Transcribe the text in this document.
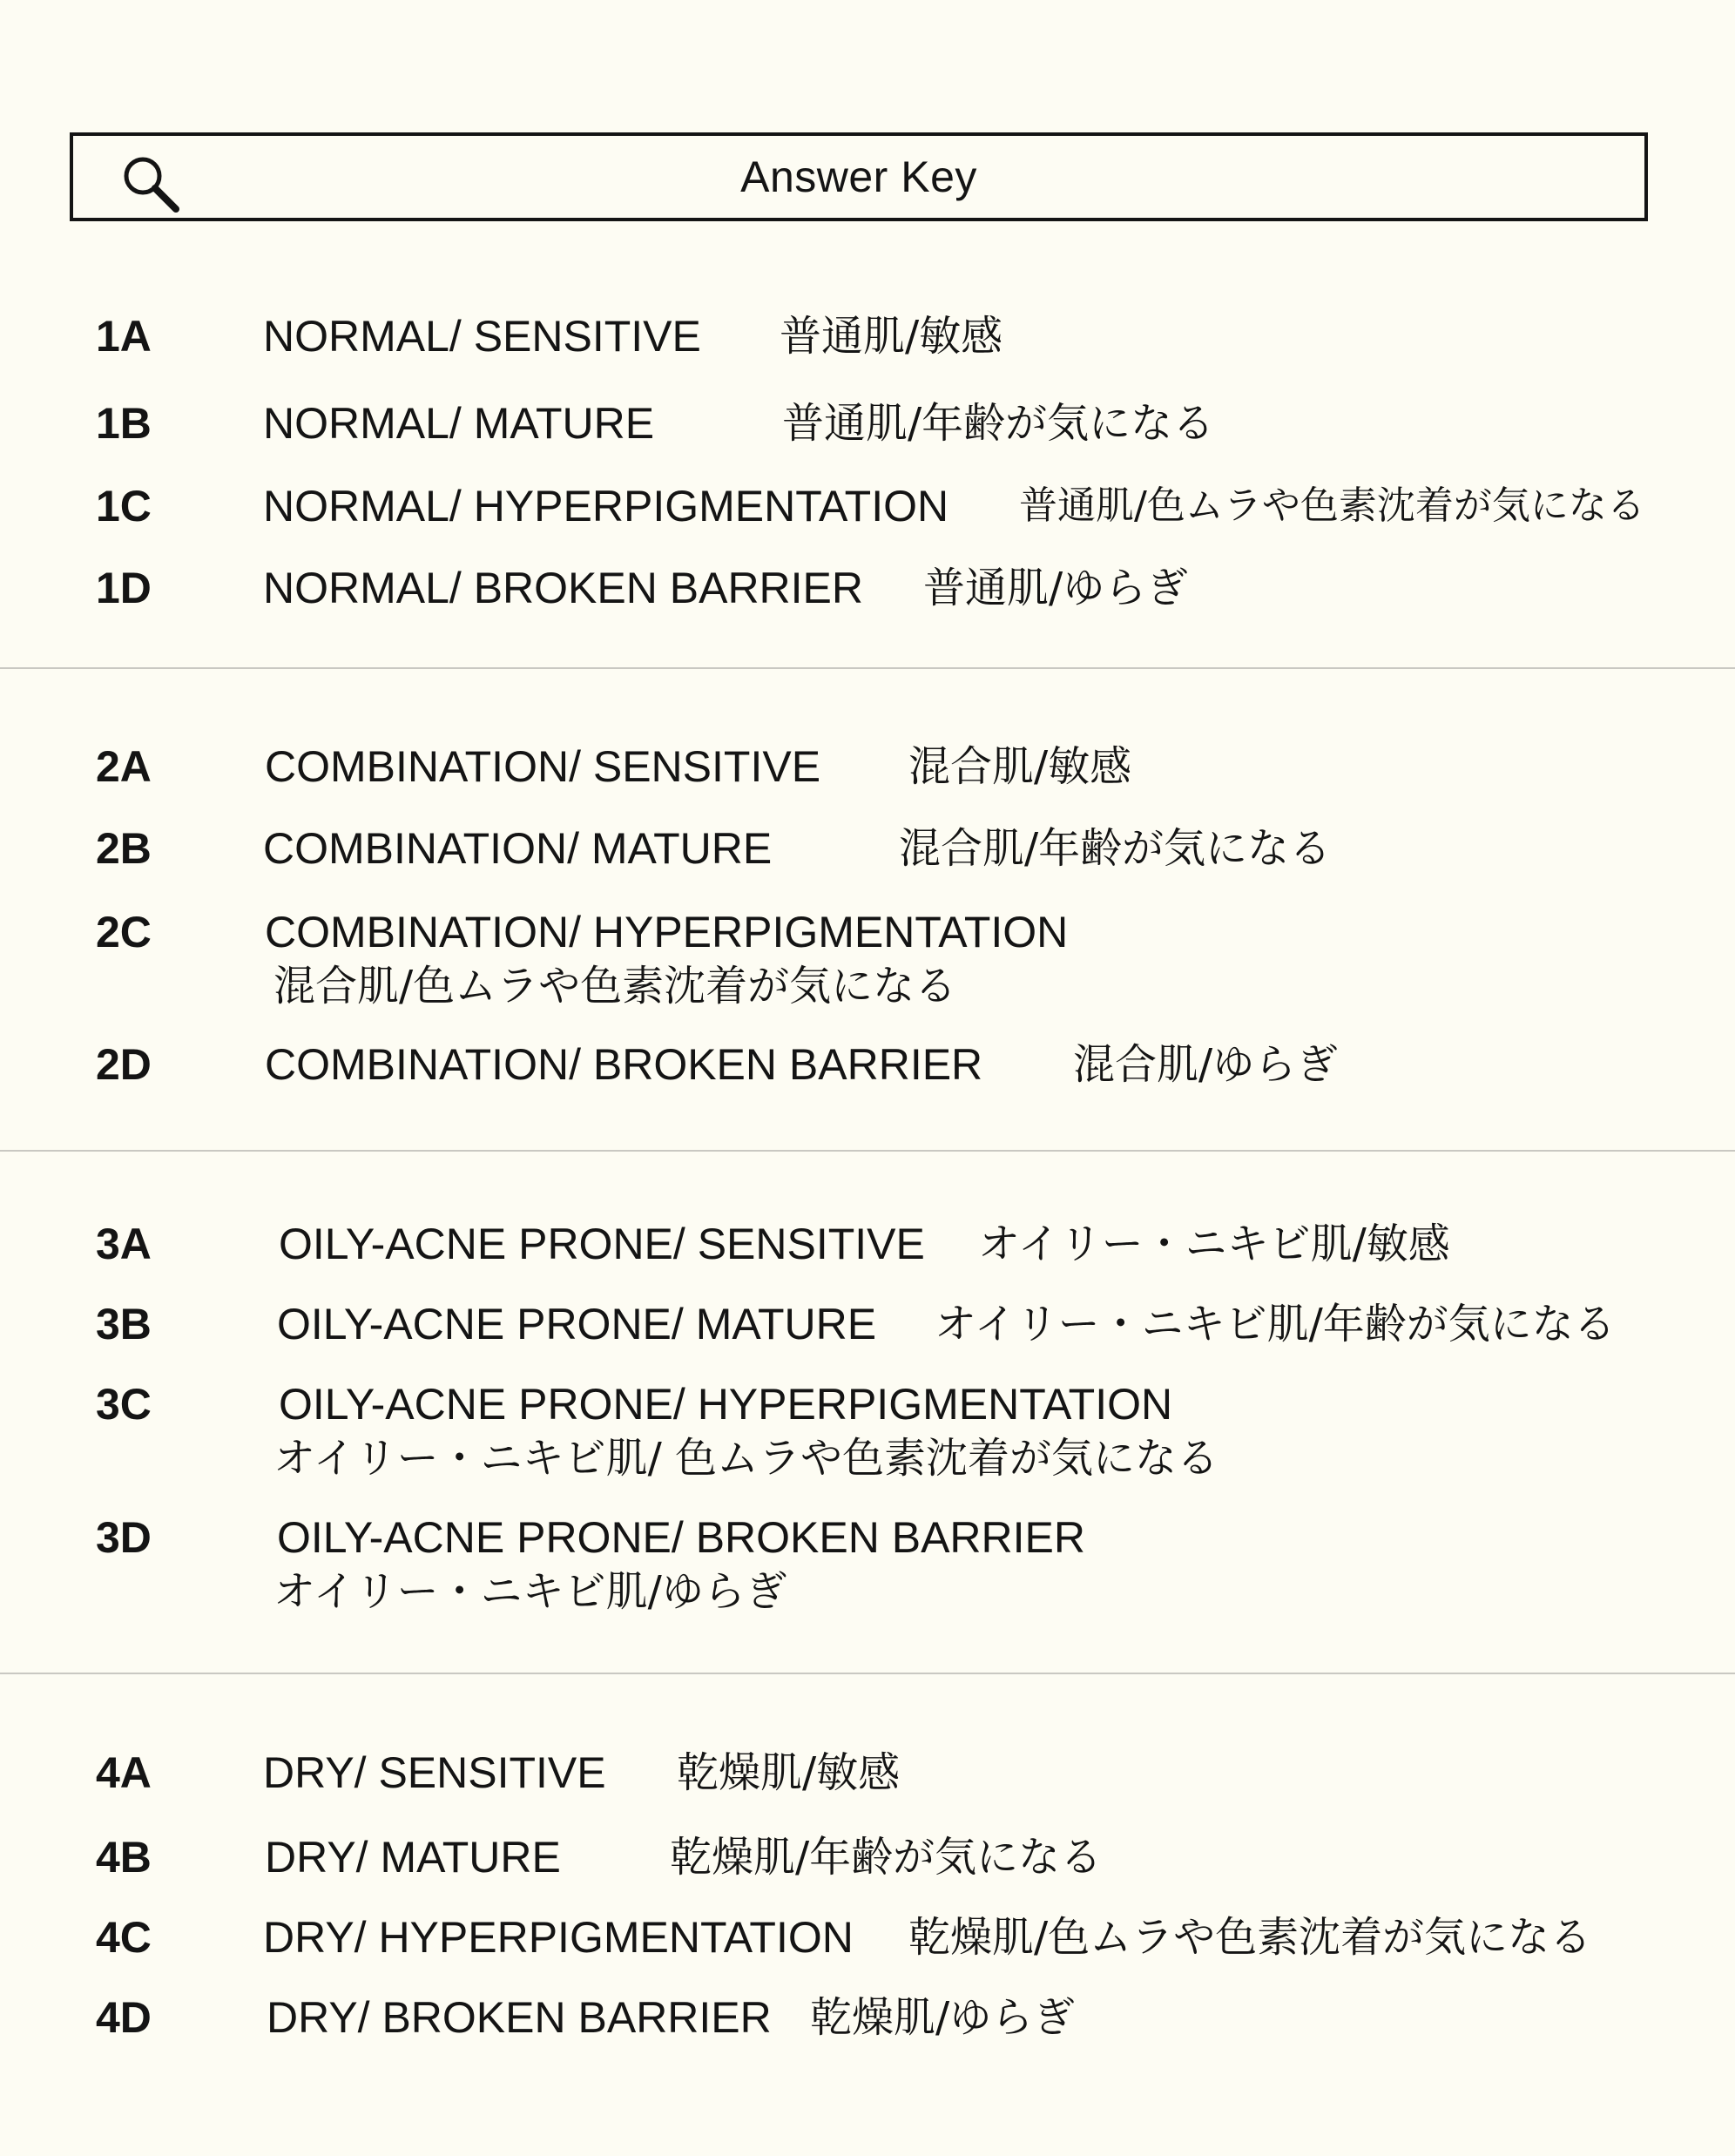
Answer Key
1A	NORMAL/ SENSITIVE 普通肌/敏感
1B	NORMAL/ MATURE	普通肌/年齢が気になる
1C	NORMAL/ HYPERPIGMENTATION 普通肌/色ムラや色素沈着が気になる
1D	NORMAL/ BROKEN BARRIER 普通肌/ゆらぎ
2A	COMBINATION/ SENSITIVE 混合肌/敏感
2B	COMBINATION/ MATURE	混合肌/年齢が気になる
2C	COMBINATION/ HYPERPIGMENTATION
混合肌/色ムラや色素沈着が気になる
2D	COMBINATION/ BROKEN BARRIER 混合肌/ゆらぎ
3A	OILY-ACNE PRONE/ SENSITIVE オイリー・ニキビ肌/敏感
3B	OILY-ACNE PRONE/ MATURE オイリー・ニキビ肌/年齢が気になる
3C	OILY-ACNE PRONE/ HYPERPIGMENTATION
オイリー・ニキビ肌/ 色ムラや色素沈着が気になる
3D	OILY-ACNE PRONE/ BROKEN BARRIER
オイリー・ニキビ肌/ゆらぎ
4A	DRY/ SENSITIVE 乾燥肌/敏感
4B	DRY/ MATURE	乾燥肌/年齢が気になる
4C	DRY/ HYPERPIGMENTATION 乾燥肌/色ムラや色素沈着が気になる
4D	DRY/ BROKEN BARRIER 乾燥肌/ゆらぎ
